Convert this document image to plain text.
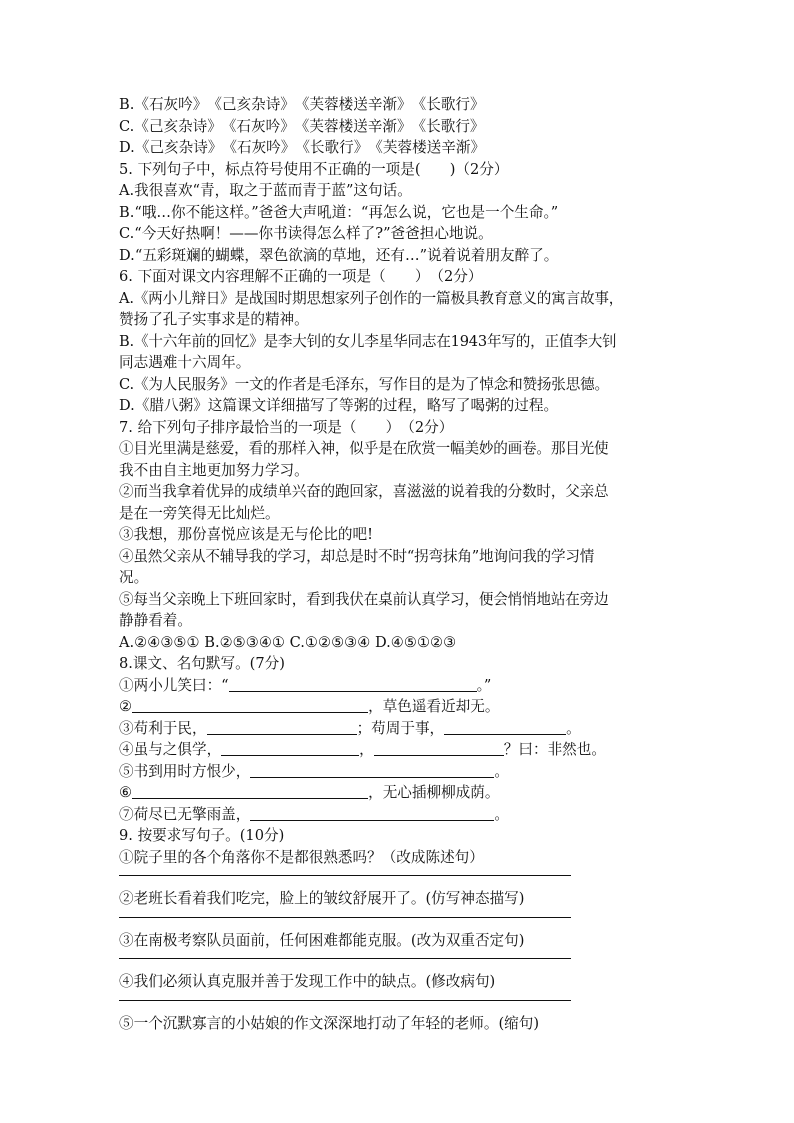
B.《石灰吟》　《己亥杂诗》　《芙蓉楼送辛渐》　《长歌行》
C.《己亥杂诗》　《石灰吟》　《芙蓉楼送辛渐》　《长歌行》
D.《己亥杂诗》　《石灰吟》　《长歌行》　《芙蓉楼送辛渐》
5. 下列句子中，标点符号使用不正确的一项是(　　)（2分）
A.我很喜欢“青，取之于蓝而青于蓝”这句话。
B.“哦…你不能这样。”爸爸大声吼道：“再怎么说，它也是一个生命。”
C.“今天好热啊！——你书读得怎么样了?”爸爸担心地说。
D.“五彩斑斓的蝴蝶，翠色欲滴的草地，还有…”说着说着朋友醉了。
6. 下面对课文内容理解不正确的一项是（　　）　（2分）
A.《两小儿辩日》是战国时期思想家列子创作的一篇极具教育意义的寓言故事，
赞扬了孔子实事求是的精神。
B.《十六年前的回忆》是李大钊的女儿李星华同志在1943年写的，正值李大钊
同志遇难十六周年。
C.《为人民服务》一文的作者是毛泽东，写作目的是为了悼念和赞扬张思德。
D.《腊八粥》这篇课文详细描写了等粥的过程，略写了喝粥的过程。
7. 给下列句子排序最恰当的一项是（　　）　（2分）
①目光里满是慈爱，看的那样入神，似乎是在欣赏一幅美妙的画卷。那目光使
我不由自主地更加努力学习。
②而当我拿着优异的成绩单兴奋的跑回家，喜滋滋的说着我的分数时，父亲总
是在一旁笑得无比灿烂。
③我想，那份喜悦应该是无与伦比的吧!
④虽然父亲从不辅导我的学习，却总是时不时“拐弯抹角”地询问我的学习情
况。
⑤每当父亲晚上下班回家时，看到我伏在桌前认真学习，便会悄悄地站在旁边
静静看着。
A.②④③⑤① B.②⑤③④① C.①②⑤③④ D.④⑤①②③
8.课文、名句默写。(7分)
①两小儿笑曰：“	。”
②	，草色遥看近却无。
③苟利于民，	；苟周于事，	。
④虽与之俱学，	，	？曰：非然也。
⑤书到用时方恨少，	。
⑥	，无心插柳柳成荫。
⑦荷尽已无擎雨盖，	。
9. 按要求写句子。(10分)
①院子里的各个角落你不是都很熟悉吗？（改成陈述句）
②老班长看着我们吃完，脸上的皱纹舒展开了。(仿写神态描写)
③在南极考察队员面前，任何困难都能克服。(改为双重否定句)
④我们必须认真克服并善于发现工作中的缺点。(修改病句)
⑤一个沉默寡言的小姑娘的作文深深地打动了年轻的老师。(缩句)
